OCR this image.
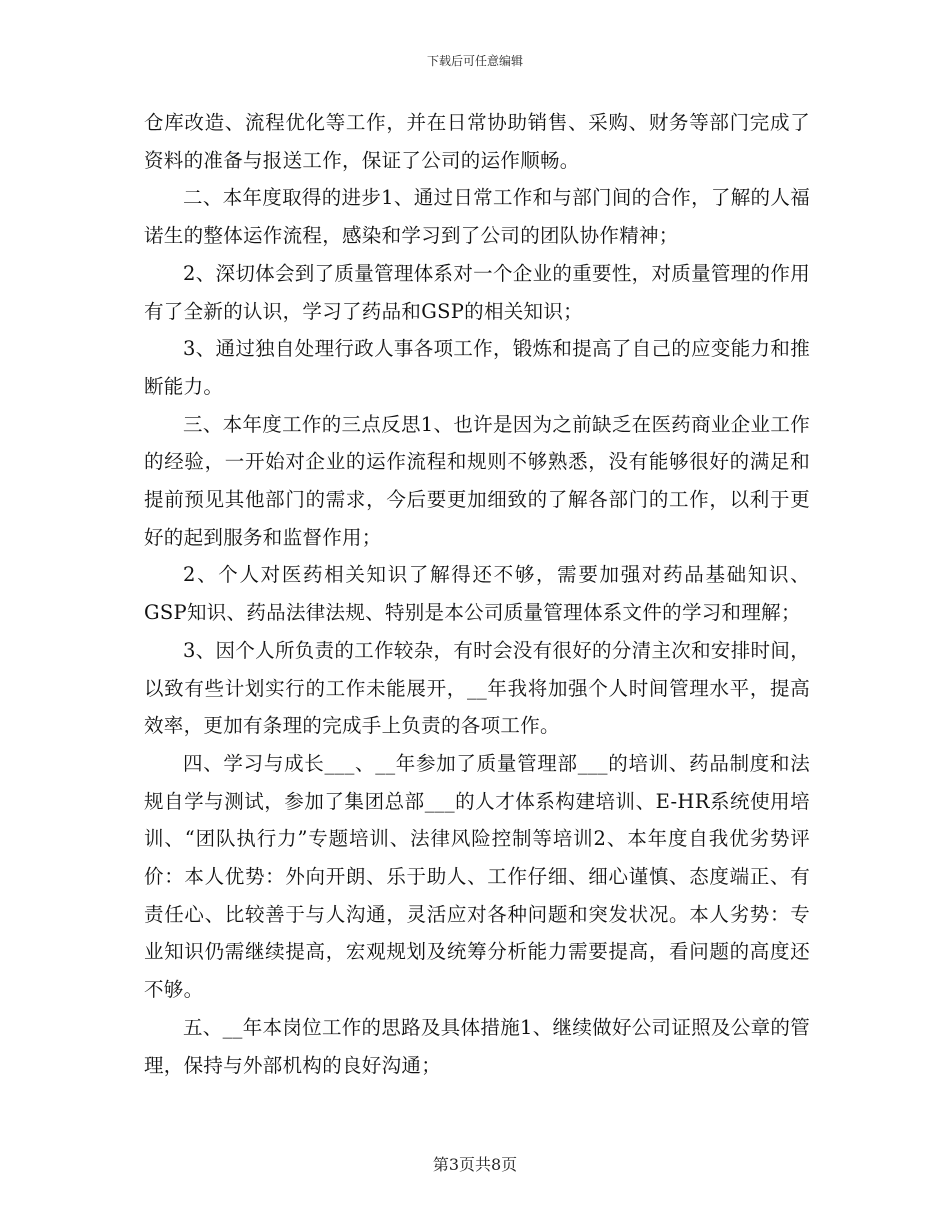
下载后可任意编辑

仓库改造、流程优化等工作，并在日常协助销售、采购、财务等部门完成了资料的准备与报送工作，保证了公司的运作顺畅。

二、本年度取得的进步1、通过日常工作和与部门间的合作，了解的人福诺生的整体运作流程，感染和学习到了公司的团队协作精神；

2、深切体会到了质量管理体系对一个企业的重要性，对质量管理的作用有了全新的认识，学习了药品和GSP的相关知识；

3、通过独自处理行政人事各项工作，锻炼和提高了自己的应变能力和推断能力。

三、本年度工作的三点反思1、也许是因为之前缺乏在医药商业企业工作的经验，一开始对企业的运作流程和规则不够熟悉，没有能够很好的满足和提前预见其他部门的需求，今后要更加细致的了解各部门的工作，以利于更好的起到服务和监督作用；

2、个人对医药相关知识了解得还不够，需要加强对药品基础知识、GSP知识、药品法律法规、特别是本公司质量管理体系文件的学习和理解；

3、因个人所负责的工作较杂，有时会没有很好的分清主次和安排时间，以致有些计划实行的工作未能展开，__年我将加强个人时间管理水平，提高效率，更加有条理的完成手上负责的各项工作。

四、学习与成长___、__年参加了质量管理部___的培训、药品制度和法规自学与测试，参加了集团总部___的人才体系构建培训、E-HR系统使用培训、“团队执行力”专题培训、法律风险控制等培训2、本年度自我优劣势评价：本人优势：外向开朗、乐于助人、工作仔细、细心谨慎、态度端正、有责任心、比较善于与人沟通，灵活应对各种问题和突发状况。本人劣势：专业知识仍需继续提高，宏观规划及统筹分析能力需要提高，看问题的高度还不够。

五、__年本岗位工作的思路及具体措施1、继续做好公司证照及公章的管理，保持与外部机构的良好沟通；

第3页共8页
